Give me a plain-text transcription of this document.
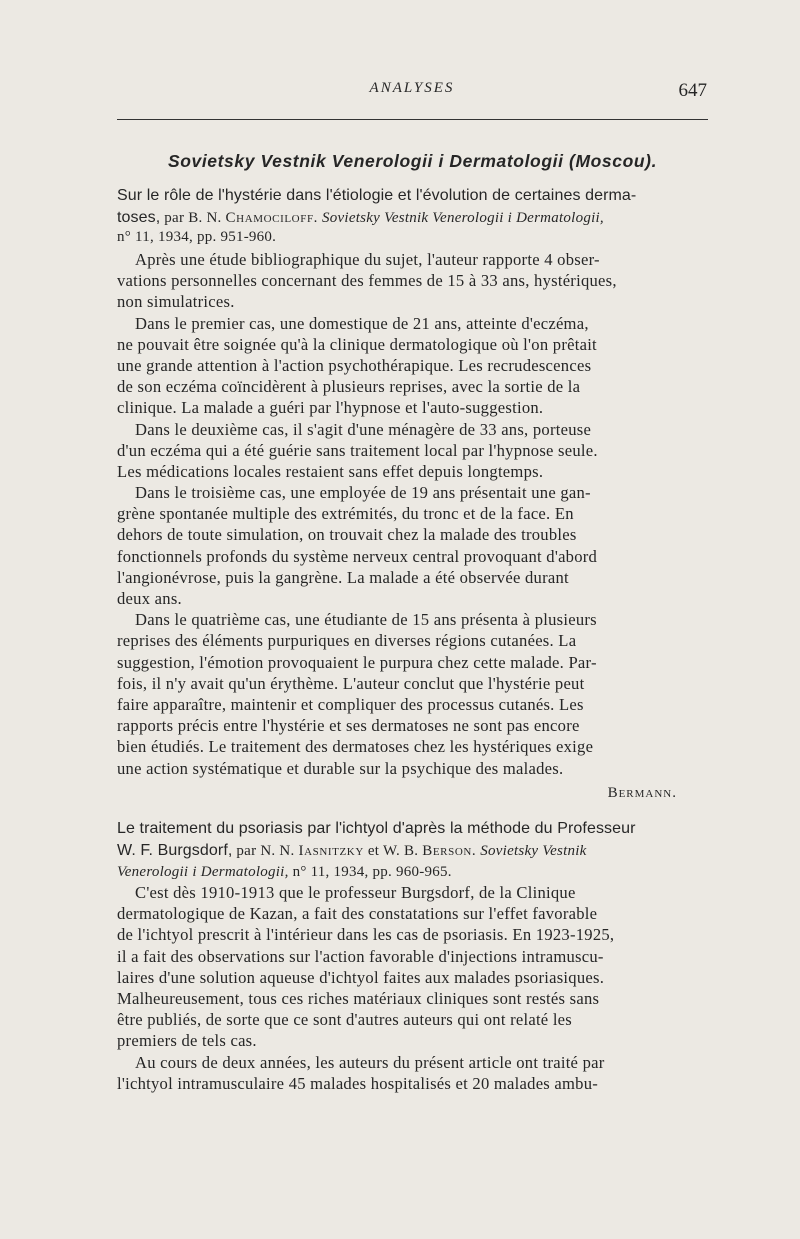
ANALYSES	647
Sovietsky Vestnik Venerologii i Dermatologii (Moscou).
Sur le rôle de l'hystérie dans l'étiologie et l'évolution de certaines derma-
toses, par B. N. Chamociloff. Sovietsky Vestnik Venerologii i Dermatologii,
n° 11, 1934, pp. 951-960.
Après une étude bibliographique du sujet, l'auteur rapporte 4 obser-
vations personnelles concernant des femmes de 15 à 33 ans, hystériques,
non simulatrices.
Dans le premier cas, une domestique de 21 ans, atteinte d'eczéma,
ne pouvait être soignée qu'à la clinique dermatologique où l'on prêtait
une grande attention à l'action psychothérapique. Les recrudescences
de son eczéma coïncidèrent à plusieurs reprises, avec la sortie de la
clinique. La malade a guéri par l'hypnose et l'auto-suggestion.
Dans le deuxième cas, il s'agit d'une ménagère de 33 ans, porteuse
d'un eczéma qui a été guérie sans traitement local par l'hypnose seule.
Les médications locales restaient sans effet depuis longtemps.
Dans le troisième cas, une employée de 19 ans présentait une gan-
grène spontanée multiple des extrémités, du tronc et de la face. En
dehors de toute simulation, on trouvait chez la malade des troubles
fonctionnels profonds du système nerveux central provoquant d'abord
l'angionévrose, puis la gangrène. La malade a été observée durant
deux ans.
Dans le quatrième cas, une étudiante de 15 ans présenta à plusieurs
reprises des éléments purpuriques en diverses régions cutanées. La
suggestion, l'émotion provoquaient le purpura chez cette malade. Par-
fois, il n'y avait qu'un érythème. L'auteur conclut que l'hystérie peut
faire apparaître, maintenir et compliquer des processus cutanés. Les
rapports précis entre l'hystérie et ses dermatoses ne sont pas encore
bien étudiés. Le traitement des dermatoses chez les hystériques exige
une action systématique et durable sur la psychique des malades.
Bermann.
Le traitement du psoriasis par l'ichtyol d'après la méthode du Professeur
W. F. Burgsdorf, par N. N. Iasnitzky et W. B. Berson. Sovietsky Vestnik
Venerologii i Dermatologii, n° 11, 1934, pp. 960-965.
C'est dès 1910-1913 que le professeur Burgsdorf, de la Clinique
dermatologique de Kazan, a fait des constatations sur l'effet favorable
de l'ichtyol prescrit à l'intérieur dans les cas de psoriasis. En 1923-1925,
il a fait des observations sur l'action favorable d'injections intramuscu-
laires d'une solution aqueuse d'ichtyol faites aux malades psoriasiques.
Malheureusement, tous ces riches matériaux cliniques sont restés sans
être publiés, de sorte que ce sont d'autres auteurs qui ont relaté les
premiers de tels cas.
Au cours de deux années, les auteurs du présent article ont traité par
l'ichtyol intramusculaire 45 malades hospitalisés et 20 malades ambu-
